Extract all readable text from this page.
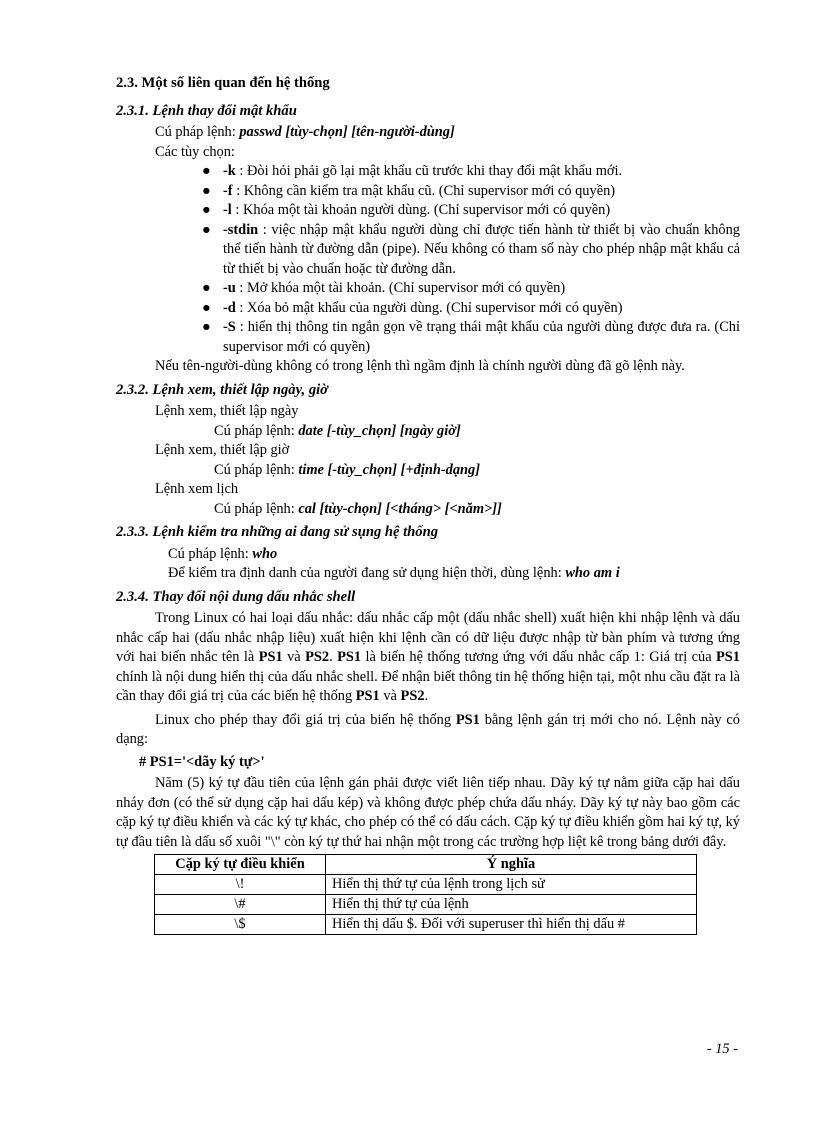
2.3. Một số liên quan đến hệ thống
2.3.1. Lệnh thay đổi mật khẩu
Cú pháp lệnh: passwd [tùy-chọn] [tên-người-dùng]
Các tùy chọn:
● -k : Đòi hỏi phải gõ lại mật khẩu cũ trước khi thay đổi mật khẩu mới.
● -f : Không cần kiểm tra mật khẩu cũ. (Chỉ supervisor mới có quyền)
● -l : Khóa một tài khoản người dùng. (Chỉ supervisor mới có quyền)
● -stdin : việc nhập mật khẩu người dùng chỉ được tiến hành từ thiết bị vào chuẩn không thể tiến hành từ đường dẫn (pipe). Nếu không có tham số này cho phép nhập mật khẩu cả từ thiết bị vào chuẩn hoặc từ đường dẫn.
● -u : Mở khóa một tài khoản. (Chỉ supervisor mới có quyền)
● -d : Xóa bỏ mật khẩu của người dùng. (Chỉ supervisor mới có quyền)
● -S : hiển thị thông tin ngắn gọn về trạng thái mật khẩu của người dùng được đưa ra. (Chỉ supervisor mới có quyền)

Nếu tên-người-dùng không có trong lệnh thì ngầm định là chính người dùng đã gõ lệnh này.

2.3.2. Lệnh xem, thiết lập ngày, giờ
Lệnh xem, thiết lập ngày
Cú pháp lệnh: date [-tùy_chọn] [ngày giờ]
Lệnh xem, thiết lập giờ
Cú pháp lệnh: time [-tùy_chọn] [+định-dạng]
Lệnh xem lịch
Cú pháp lệnh: cal [tùy-chọn] [<tháng> [<năm>]]
2.3.3. Lệnh kiểm tra những ai đang sử sụng hệ thống
Cú pháp lệnh: who
Để kiểm tra định danh của người đang sử dụng hiện thời, dùng lệnh: who am i
2.3.4. Thay đổi nội dung dấu nhắc shell

Trong Linux có hai loại dấu nhắc: dấu nhắc cấp một (dấu nhắc shell) xuất hiện khi nhập lệnh và dấu nhắc cấp hai (dấu nhắc nhập liệu) xuất hiện khi lệnh cần có dữ liệu được nhập từ bàn phím và tương ứng với hai biến nhắc tên là PS1 và PS2. PS1 là biến hệ thống tương ứng với dấu nhắc cấp 1: Giá trị của PS1 chính là nội dung hiển thị của dấu nhắc shell. Để nhận biết thông tin hệ thống hiện tại, một nhu cầu đặt ra là cần thay đổi giá trị của các biến hệ thống PS1 và PS2.

Linux cho phép thay đổi giá trị của biến hệ thống PS1 bằng lệnh gán trị mới cho nó. Lệnh này có dạng:

# PS1='<dãy ký tự>'

Năm (5) ký tự đầu tiên của lệnh gán phải được viết liên tiếp nhau. Dãy ký tự nằm giữa cặp hai dấu nháy đơn (có thể sử dụng cặp hai dấu kép) và không được phép chứa dấu nháy. Dãy ký tự này bao gồm các cặp ký tự điều khiển và các ký tự khác, cho phép có thể có dấu cách. Cặp ký tự điều khiển gồm hai ký tự, ký tự đầu tiên là dấu số xuôi "\" còn ký tự thứ hai nhận một trong các trường hợp liệt kê trong bảng dưới đây.

Cặp ký tự điều khiển	Ý nghĩa
\!	Hiển thị thứ tự của lệnh trong lịch sử
\#	Hiển thị thứ tự của lệnh
\$	Hiển thị dấu $. Đối với superuser thì hiển thị dấu #
- 15 -
